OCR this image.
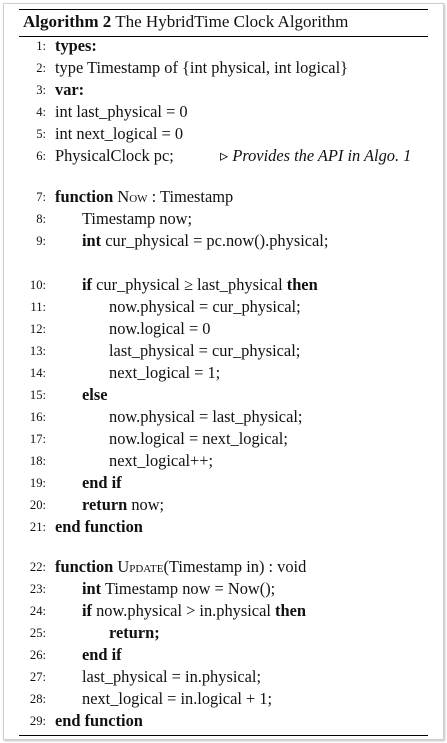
Algorithm 2 The HybridTime Clock Algorithm
1: types:
2: type Timestamp of {int physical, int logical}
3: var:
4: int last_physical = 0
5: int next_logical = 0
6: PhysicalClock pc;	▹ Provides the API in Algo. 1
7: function Now : Timestamp
8: Timestamp now;
9: int cur_physical = pc.now().physical;
10: if cur_physical ≥ last_physical then
11:	now.physical = cur_physical;
12:	now.logical = 0
13:	last_physical = cur_physical;
14:	next_logical = 1;
15: else
16:	now.physical = last_physical;
17:	now.logical = next_logical;
18:	next_logical++;
19: end if
20: return now;
21: end function
22: function Update(Timestamp in) : void
23: int Timestamp now = Now();
24: if now.physical > in.physical then
25:	return;
26: end if
27: last_physical = in.physical;
28: next_logical = in.logical + 1;
29: end function
